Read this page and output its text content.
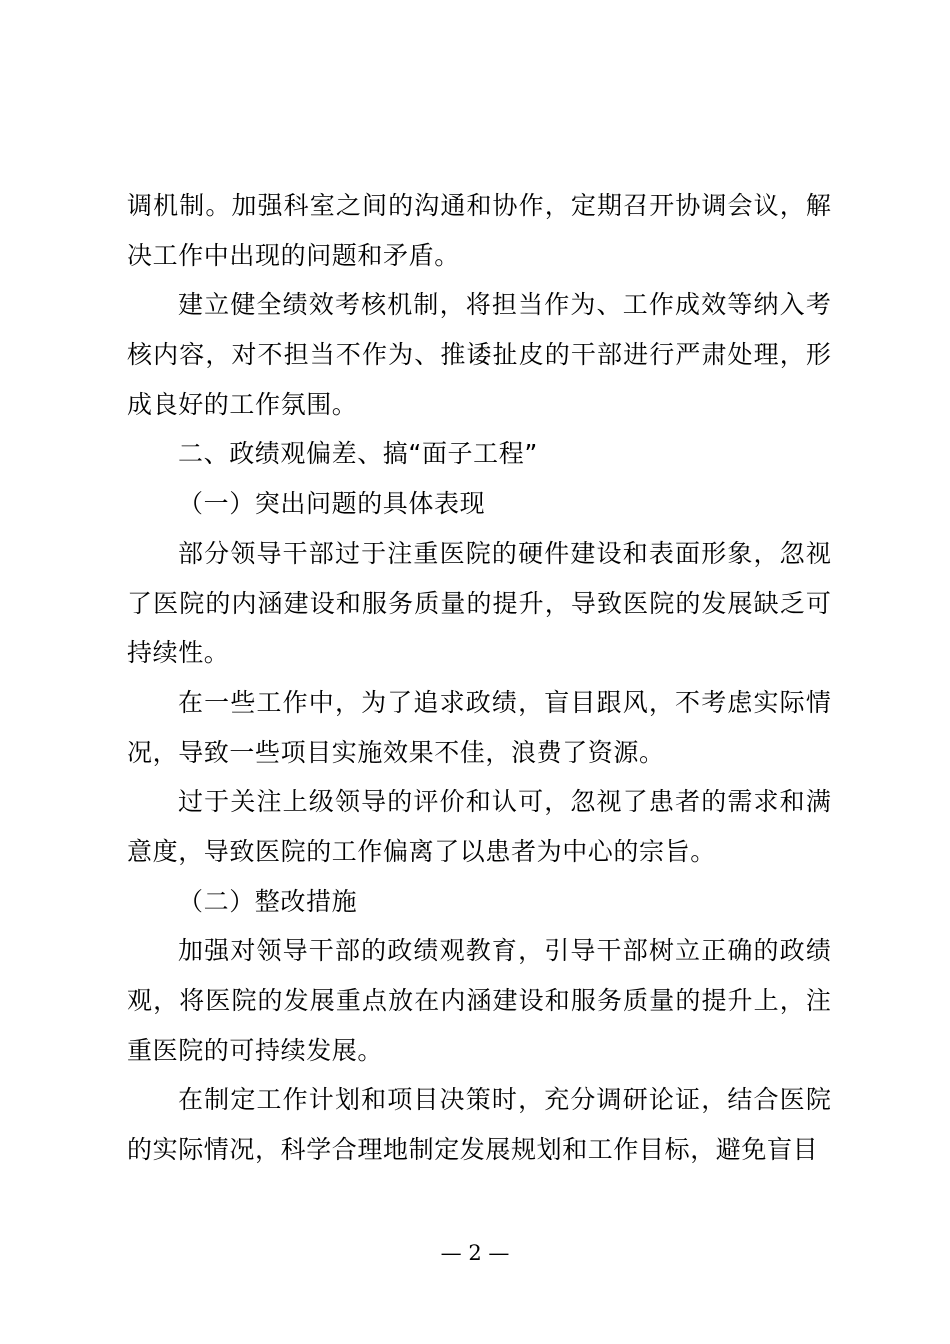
调机制。加强科室之间的沟通和协作，定期召开协调会议，解
决工作中出现的问题和矛盾。
建立健全绩效考核机制，将担当作为、工作成效等纳入考
核内容，对不担当不作为、推诿扯皮的干部进行严肃处理，形
成良好的工作氛围。
二、政绩观偏差、搞“面子工程”
（一）突出问题的具体表现
部分领导干部过于注重医院的硬件建设和表面形象，忽视
了医院的内涵建设和服务质量的提升，导致医院的发展缺乏可
持续性。
在一些工作中，为了追求政绩，盲目跟风，不考虑实际情
况，导致一些项目实施效果不佳，浪费了资源。
过于关注上级领导的评价和认可，忽视了患者的需求和满
意度，导致医院的工作偏离了以患者为中心的宗旨。
（二）整改措施
加强对领导干部的政绩观教育，引导干部树立正确的政绩
观，将医院的发展重点放在内涵建设和服务质量的提升上，注
重医院的可持续发展。
在制定工作计划和项目决策时，充分调研论证，结合医院
的实际情况，科学合理地制定发展规划和工作目标，避免盲目
— 2 —
